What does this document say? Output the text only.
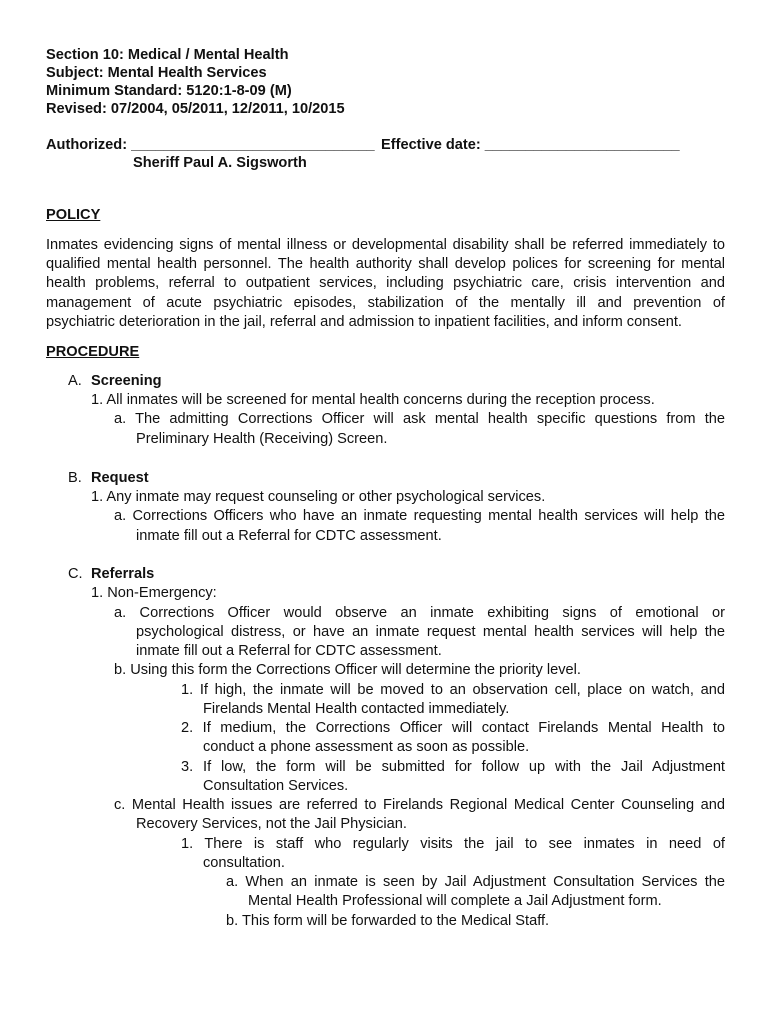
Section 10: Medical / Mental Health
Subject: Mental Health Services
Minimum Standard: 5120:1-8-09 (M)
Revised: 07/2004, 05/2011, 12/2011, 10/2015
Authorized: ______________________________ Effective date: ________________________
Sheriff Paul A. Sigsworth
POLICY
Inmates evidencing signs of mental illness or developmental disability shall be referred immediately to
qualified mental health personnel. The health authority shall develop polices for screening for mental
health problems, referral to outpatient services, including psychiatric care, crisis intervention and
management of acute psychiatric episodes, stabilization of the mentally ill and prevention of
psychiatric deterioration in the jail, referral and admission to inpatient facilities, and inform consent.
PROCEDURE
A. Screening
1. All inmates will be screened for mental health concerns during the reception process.
a. The admitting Corrections Officer will ask mental health specific questions from the
Preliminary Health (Receiving) Screen.
B. Request
1. Any inmate may request counseling or other psychological services.
a. Corrections Officers who have an inmate requesting mental health services will help the
inmate fill out a Referral for CDTC assessment.
C. Referrals
1. Non-Emergency:
a. Corrections Officer would observe an inmate exhibiting signs of emotional or
psychological distress, or have an inmate request mental health services will help the
inmate fill out a Referral for CDTC assessment.
b. Using this form the Corrections Officer will determine the priority level.
1. If high, the inmate will be moved to an observation cell, place on watch, and
Firelands Mental Health contacted immediately.
2. If medium, the Corrections Officer will contact Firelands Mental Health to
conduct a phone assessment as soon as possible.
3. If low, the form will be submitted for follow up with the Jail Adjustment
Consultation Services.
c. Mental Health issues are referred to Firelands Regional Medical Center Counseling and
Recovery Services, not the Jail Physician.
1. There is staff who regularly visits the jail to see inmates in need of
consultation.
a. When an inmate is seen by Jail Adjustment Consultation Services the
Mental Health Professional will complete a Jail Adjustment form.
b. This form will be forwarded to the Medical Staff.
